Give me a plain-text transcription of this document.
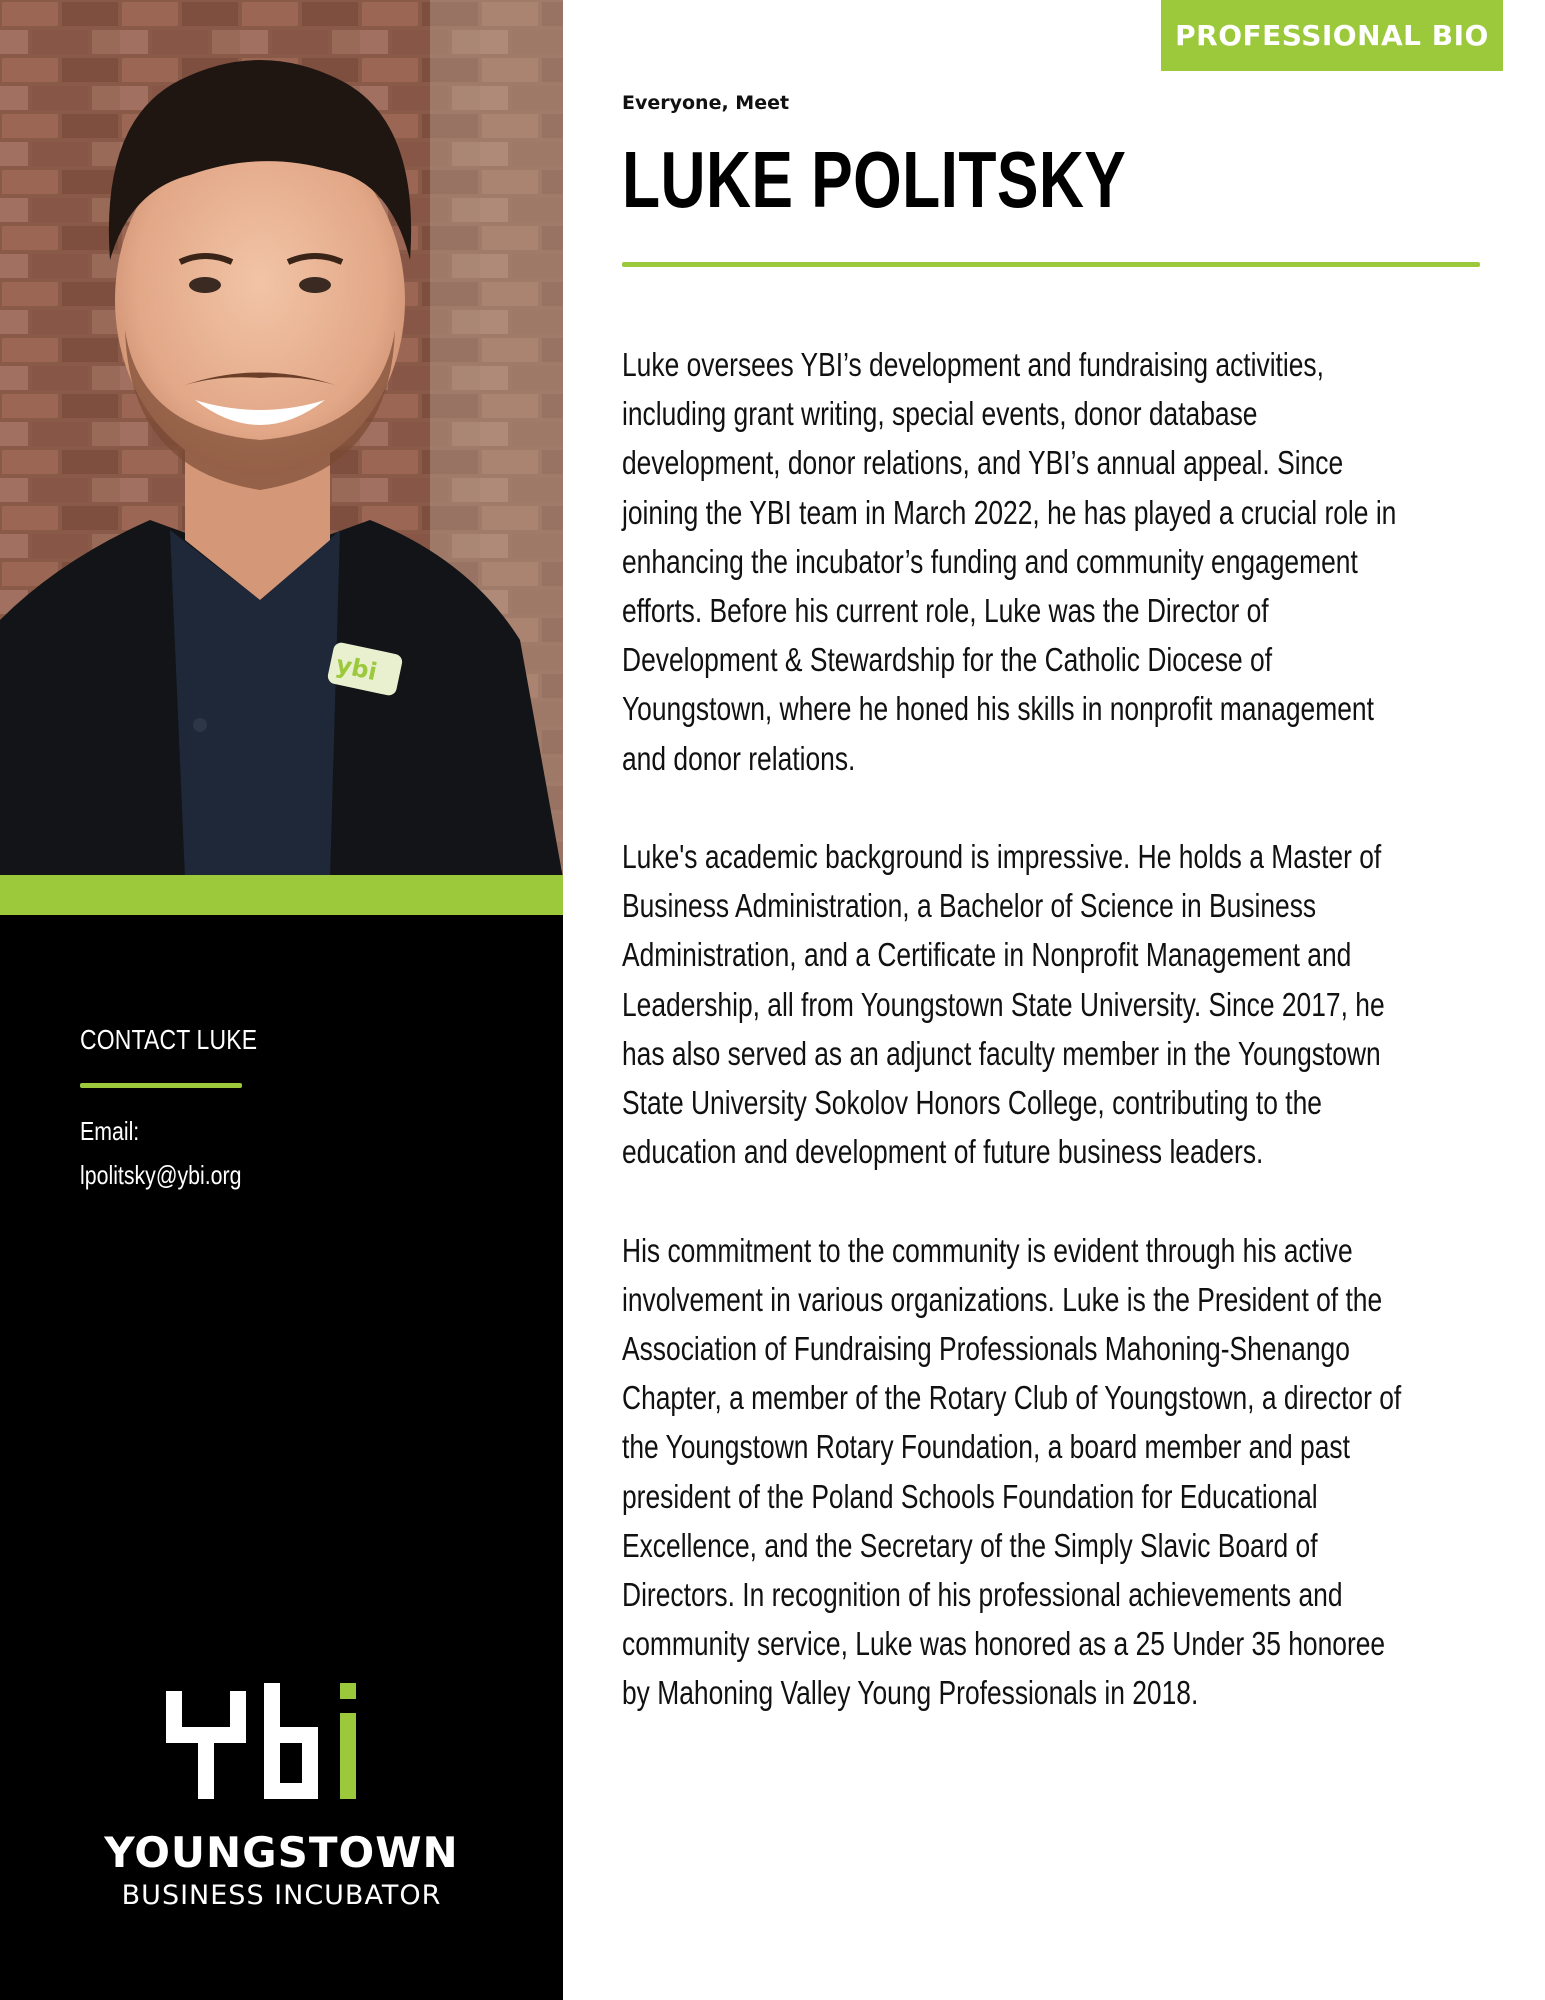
ybi
CONTACT LUKE
Email:
lpolitsky@ybi.org
YOUNGSTOWN
BUSINESS INCUBATOR
PROFESSIONAL BIO
Everyone, Meet
LUKE POLITSKY
Luke oversees YBI’s development and fundraising activities,
including grant writing, special events, donor database
development, donor relations, and YBI’s annual appeal. Since
joining the YBI team in March 2022, he has played a crucial role in
enhancing the incubator’s funding and community engagement
efforts. Before his current role, Luke was the Director of
Development & Stewardship for the Catholic Diocese of
Youngstown, where he honed his skills in nonprofit management
and donor relations.
Luke's academic background is impressive. He holds a Master of
Business Administration, a Bachelor of Science in Business
Administration, and a Certificate in Nonprofit Management and
Leadership, all from Youngstown State University. Since 2017, he
has also served as an adjunct faculty member in the Youngstown
State University Sokolov Honors College, contributing to the
education and development of future business leaders.
His commitment to the community is evident through his active
involvement in various organizations. Luke is the President of the
Association of Fundraising Professionals Mahoning-Shenango
Chapter, a member of the Rotary Club of Youngstown, a director of
the Youngstown Rotary Foundation, a board member and past
president of the Poland Schools Foundation for Educational
Excellence, and the Secretary of the Simply Slavic Board of
Directors. In recognition of his professional achievements and
community service, Luke was honored as a 25 Under 35 honoree
by Mahoning Valley Young Professionals in 2018.
